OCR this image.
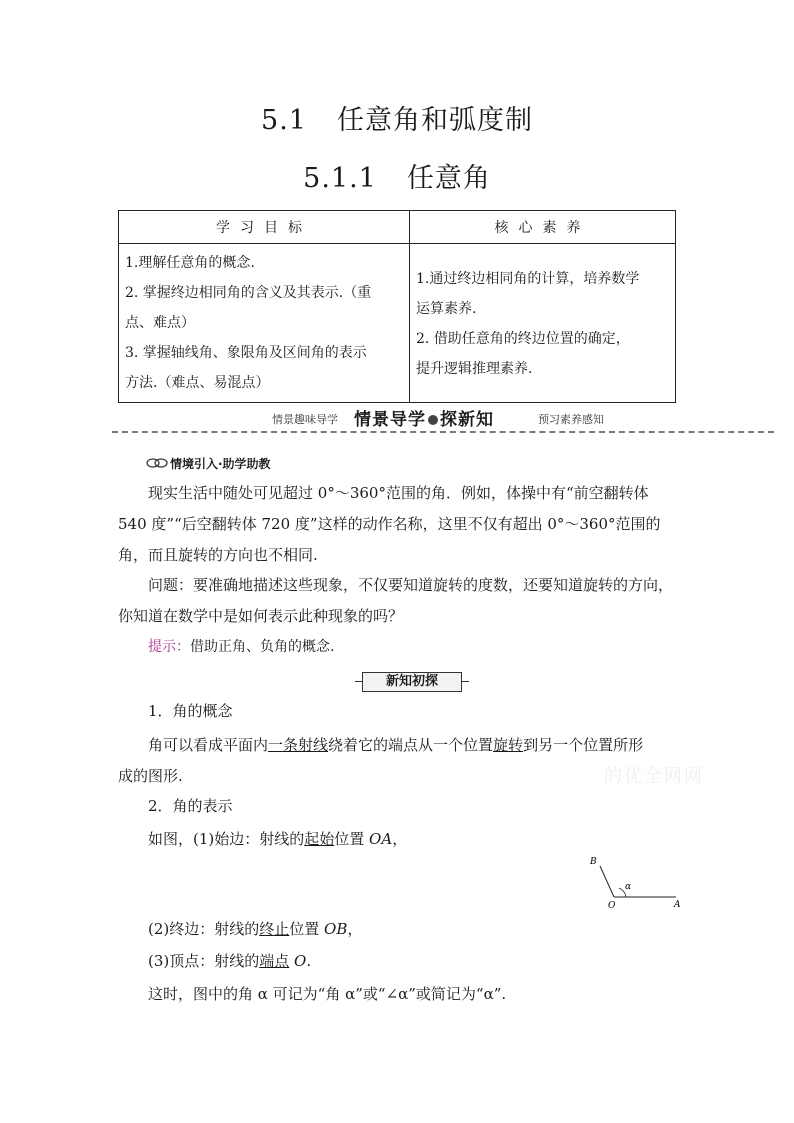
5.1 任意角和弧度制
5.1.1 任意角
学习目标	核心素养

1.理解任意角的概念.
2. 掌握终边相同角的含义及其表示.（重
点、难点）
3. 掌握轴线角、象限角及区间角的表示
方法.（难点、易混点）	1.通过终边相同角的计算，培养数学
运算素养.
2. 借助任意角的终边位置的确定，
提升逻辑推理素养.
情景趣味导学 情景导学 探新知	预习素养感知
情境引入·助学助教
现实生活中随处可见超过 0°～360°范围的角．例如，体操中有“前空翻转体 540 度”“后空翻转体 720 度”这样的动作名称，这里不仅有超出 0°～360°范围的角，而且旋转的方向也不相同.
问题：要准确地描述这些现象，不仅要知道旋转的度数，还要知道旋转的方向，你知道在数学中是如何表示此种现象的吗？
提示：借助正角、负角的概念.
新知初探
1．角的概念
角可以看成平面内一条射线绕着它的端点从一个位置旋转到另一个位置所形
成的图形.
2．角的表示
如图，(1)始边：射线的起始位置 OA，
(2)终边：射线的终止位置 OB，
(3)顶点：射线的端点 O.
这时，图中的角 α 可记为“角 α”或“∠α”或简记为“α”.
B
O	A
α
的优全网网
